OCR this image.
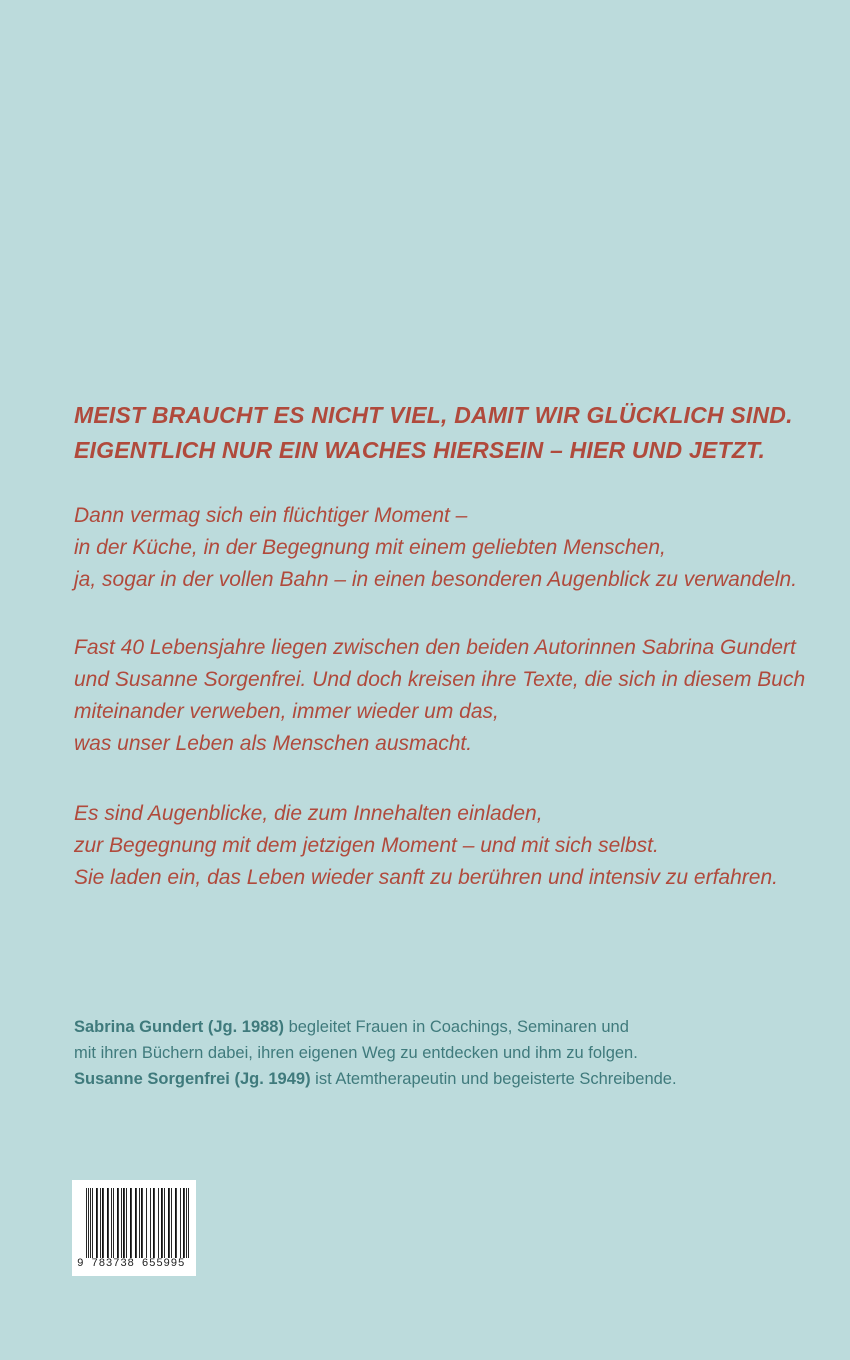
MEIST BRAUCHT ES NICHT VIEL, DAMIT WIR GLÜCKLICH SIND.
EIGENTLICH NUR EIN WACHES HIERSEIN – HIER UND JETZT.
Dann vermag sich ein flüchtiger Moment –
in der Küche, in der Begegnung mit einem geliebten Menschen,
ja, sogar in der vollen Bahn – in einen besonderen Augenblick zu verwandeln.
Fast 40 Lebensjahre liegen zwischen den beiden Autorinnen Sabrina Gundert
und Susanne Sorgenfrei. Und doch kreisen ihre Texte, die sich in diesem Buch
miteinander verweben, immer wieder um das,
was unser Leben als Menschen ausmacht.
Es sind Augenblicke, die zum Innehalten einladen,
zur Begegnung mit dem jetzigen Moment – und mit sich selbst.
Sie laden ein, das Leben wieder sanft zu berühren und intensiv zu erfahren.
Sabrina Gundert (Jg. 1988) begleitet Frauen in Coachings, Seminaren und
mit ihren Büchern dabei, ihren eigenen Weg zu entdecken und ihm zu folgen.
Susanne Sorgenfrei (Jg. 1949) ist Atemtherapeutin und begeisterte Schreibende.
9 783738 655995
